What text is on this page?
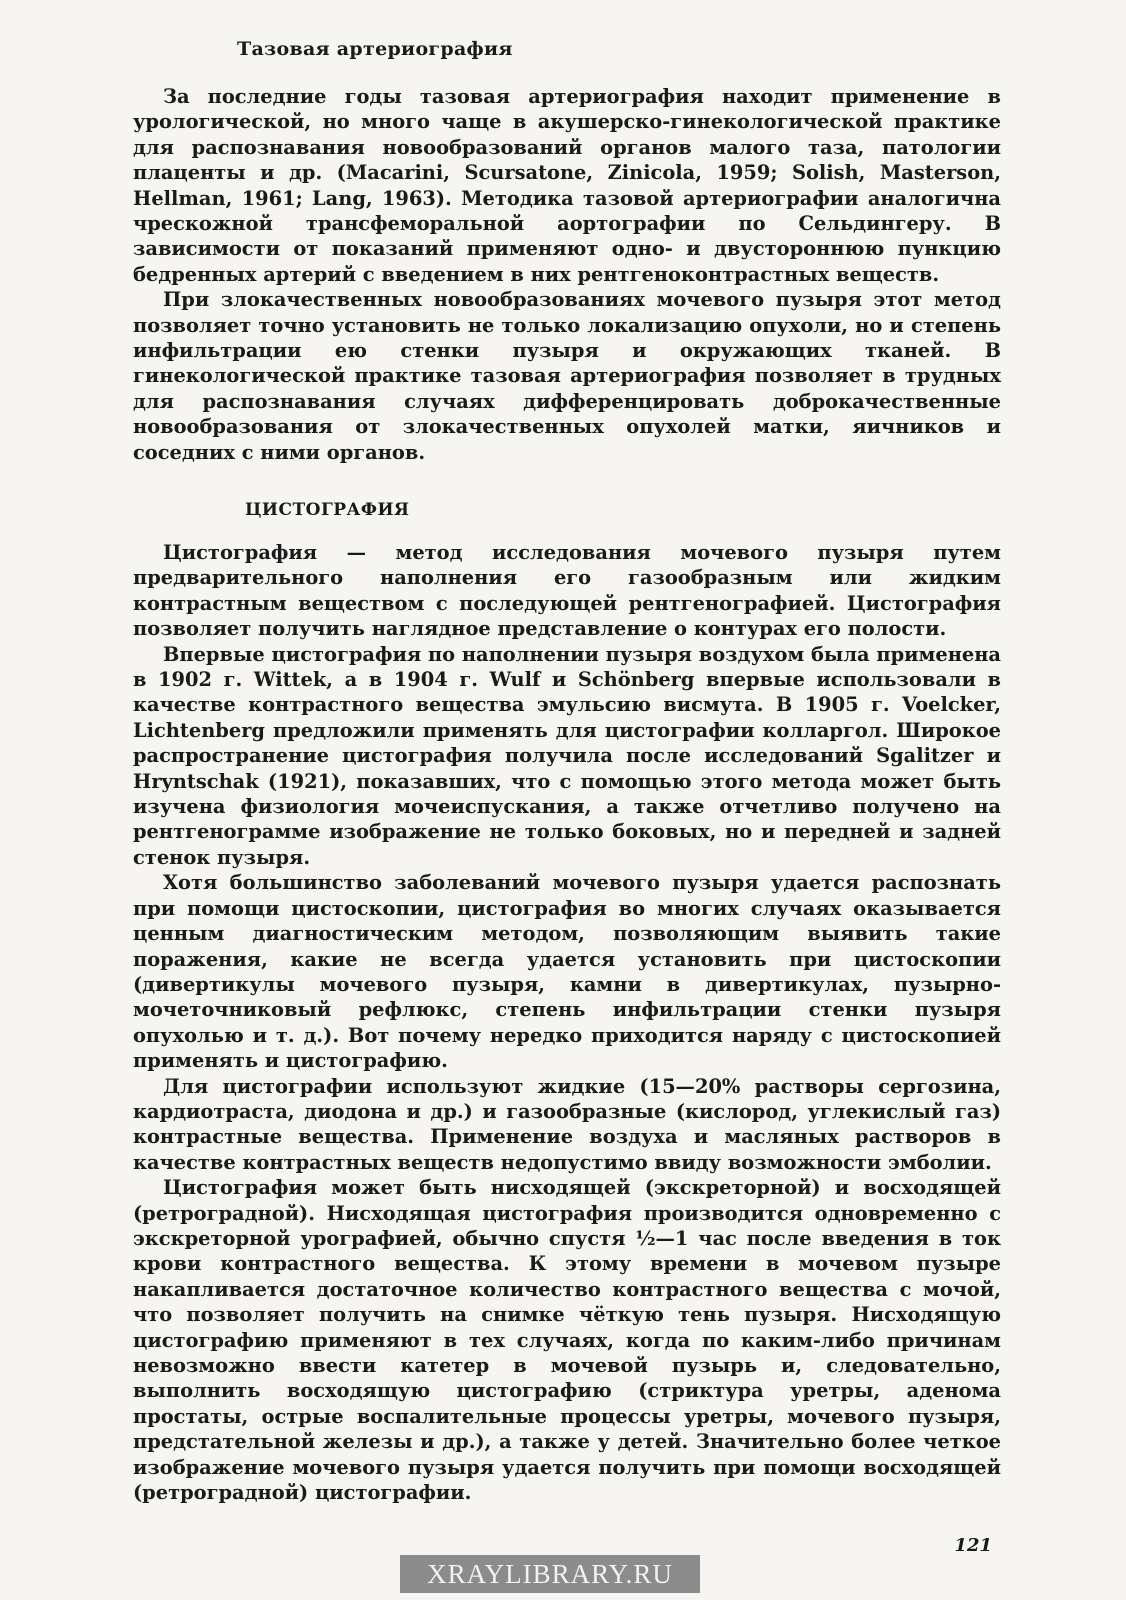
Тазовая артериография

За последние годы тазовая артериография находит применение в урологической, но много чаще в акушерско-гинекологической практике для распознавания новообразований органов малого таза, патологии плаценты и др. (Macarini, Scursatone, Zinicola, 1959; Solish, Masterson, Hellman, 1961; Lang, 1963). Методика тазовой артериографии аналогична чрескожной трансфеморальной аортографии по Сельдингеру. В зависимости от показаний применяют одно- и двустороннюю пункцию бедренных артерий с введением в них рентгеноконтрастных веществ.

При злокачественных новообразованиях мочевого пузыря этот метод позволяет точно установить не только локализацию опухоли, но и степень инфильтрации ею стенки пузыря и окружающих тканей. В гинекологической практике тазовая артериография позволяет в трудных для распознавания случаях дифференцировать доброкачественные новообразования от злокачественных опухолей матки, яичников и соседних с ними органов.

ЦИСТОГРАФИЯ

Цистография — метод исследования мочевого пузыря путем предварительного наполнения его газообразным или жидким контрастным веществом с последующей рентгенографией. Цистография позволяет получить наглядное представление о контурах его полости.

Впервые цистография по наполнении пузыря воздухом была применена в 1902 г. Wittek, а в 1904 г. Wulf и Schönberg впервые использовали в качестве контрастного вещества эмульсию висмута. В 1905 г. Voelcker, Lichtenberg предложили применять для цистографии колларгол. Широкое распространение цистография получила после исследований Sgalitzer и Hryntschak (1921), показавших, что с помощью этого метода может быть изучена физиология мочеиспускания, а также отчетливо получено на рентгенограмме изображение не только боковых, но и передней и задней стенок пузыря.

Хотя большинство заболеваний мочевого пузыря удается распознать при помощи цистоскопии, цистография во многих случаях оказывается ценным диагностическим методом, позволяющим выявить такие поражения, какие не всегда удается установить при цистоскопии (дивертикулы мочевого пузыря, камни в дивертикулах, пузырно-мочеточниковый рефлюкс, степень инфильтрации стенки пузыря опухолью и т. д.). Вот почему нередко приходится наряду с цистоскопией применять и цистографию.

Для цистографии используют жидкие (15—20% растворы сергозина, кардиотраста, диодона и др.) и газообразные (кислород, углекислый газ) контрастные вещества. Применение воздуха и масляных растворов в качестве контрастных веществ недопустимо ввиду возможности эмболии.

Цистография может быть нисходящей (экскреторной) и восходящей (ретроградной). Нисходящая цистография производится одновременно с экскреторной урографией, обычно спустя ½—1 час после введения в ток крови контрастного вещества. К этому времени в мочевом пузыре накапливается достаточное количество контрастного вещества с мочой, что позволяет получить на снимке чёткую тень пузыря. Нисходящую цистографию применяют в тех случаях, когда по каким-либо причинам невозможно ввести катетер в мочевой пузырь и, следовательно, выполнить восходящую цистографию (стриктура уретры, аденома простаты, острые воспалительные процессы уретры, мочевого пузыря, предстательной железы и др.), а также у детей. Значительно более четкое изображение мочевого пузыря удается получить при помощи восходящей (ретроградной) цистографии.

121
XRAYLIBRARY.RU
